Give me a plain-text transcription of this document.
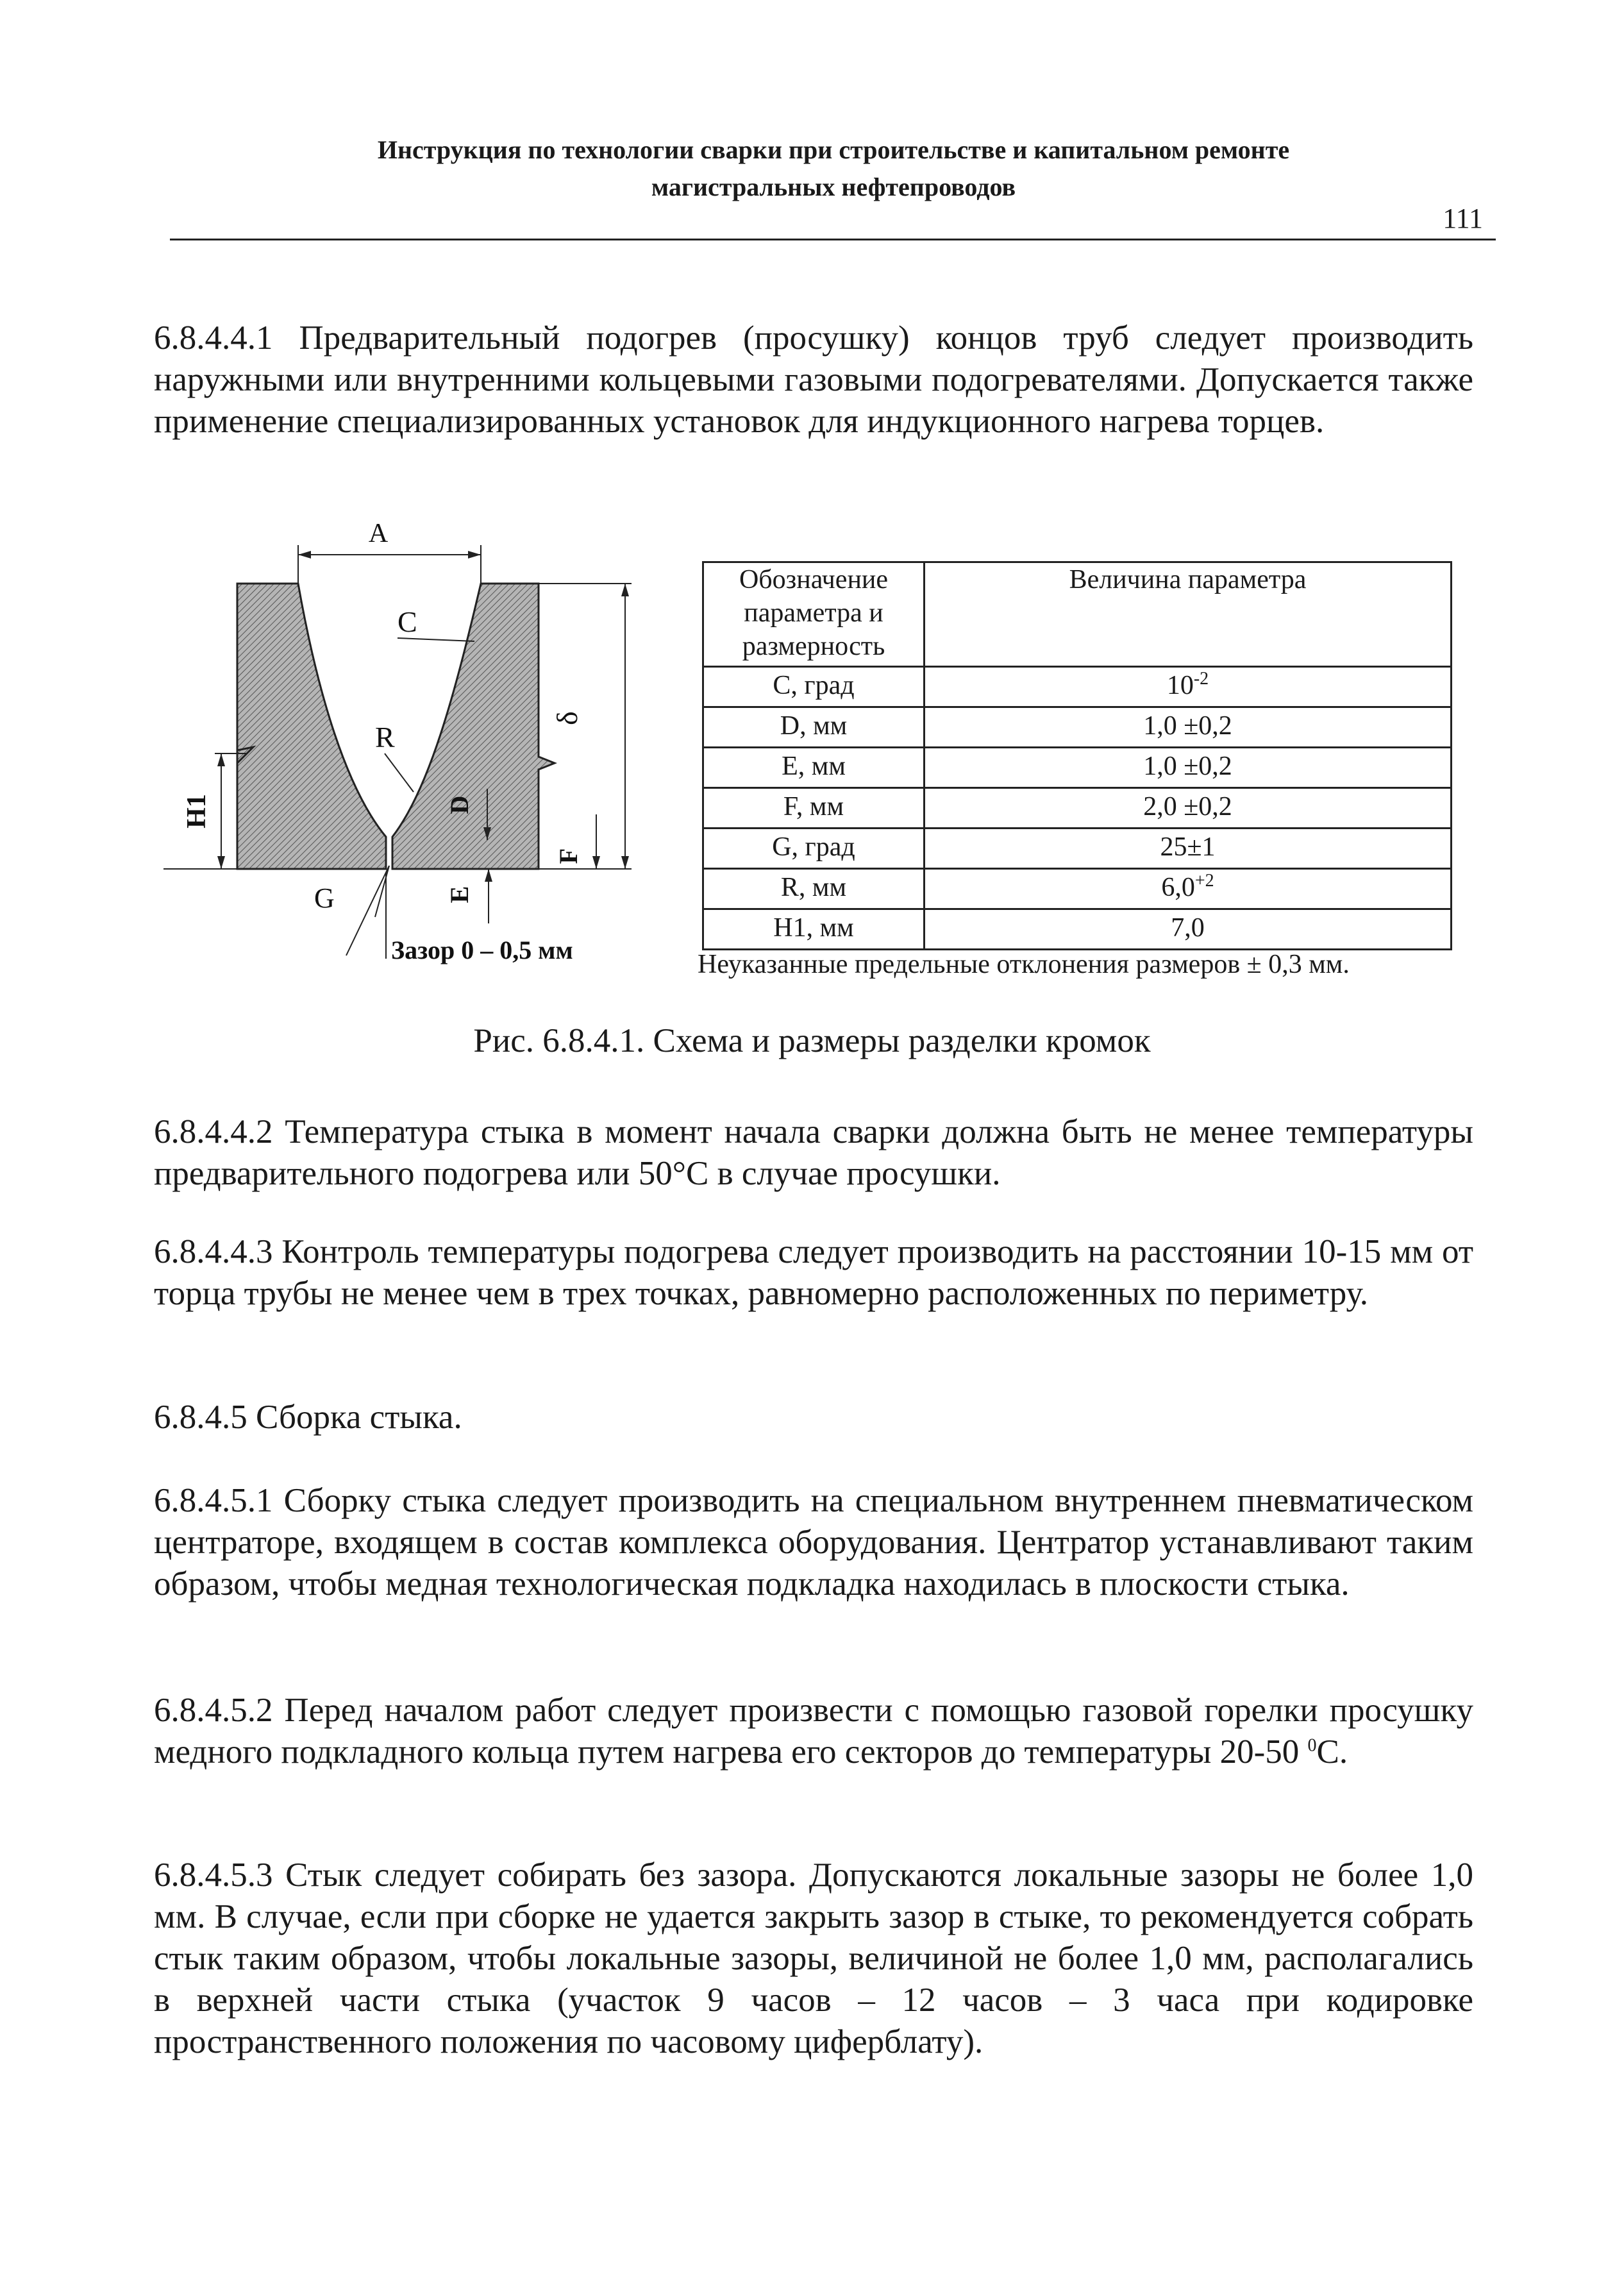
Инструкция по технологии сварки при строительстве и капитальном ремонте
магистральных нефтепроводов
111

6.8.4.4.1 Предварительный подогрев (просушку) концов труб следует производить наружными или внутренними кольцевыми газовыми подогревателями. Допускается также применение специализированных установок для индукционного нагрева торцев.

A
C
R
δ
H1	D
F
E
G
Зазор 0 – 0,5 мм
Обозначение параметра и размерность	Величина параметра
C, град	$10^{-2}$
D, мм	1,0 ±0,2
E, мм	1,0 ±0,2
F, мм	2,0 ±0,2
G, град	25±1
R, мм	$6,0^{+2}$
H1, мм	7,0
Неуказанные предельные отклонения размеров ± 0,3 мм.
Рис. 6.8.4.1. Схема и размеры разделки кромок

6.8.4.4.2 Температура стыка в момент начала сварки должна быть не менее температуры предварительного подогрева или 50°С в случае просушки.

6.8.4.4.3 Контроль температуры подогрева следует производить на расстоянии 10-15 мм от торца трубы не менее чем в трех точках, равномерно расположенных по периметру.

6.8.4.5 Сборка стыка.

6.8.4.5.1 Сборку стыка следует производить на специальном внутреннем пневматическом центраторе, входящем в состав комплекса оборудования. Центратор устанавливают таким образом, чтобы медная технологическая подкладка находилась в плоскости стыка.

6.8.4.5.2 Перед началом работ следует произвести с помощью газовой горелки просушку медного подкладного кольца путем нагрева его секторов до температуры 20-50 $^0$С.

6.8.4.5.3 Стык следует собирать без зазора. Допускаются локальные зазоры не более 1,0 мм. В случае, если при сборке не удается закрыть зазор в стыке, то рекомендуется собрать стык таким образом, чтобы локальные зазоры, величиной не более 1,0 мм, располагались в верхней части стыка (участок 9 часов – 12 часов – 3 часа при кодировке пространственного положения по часовому циферблату).
